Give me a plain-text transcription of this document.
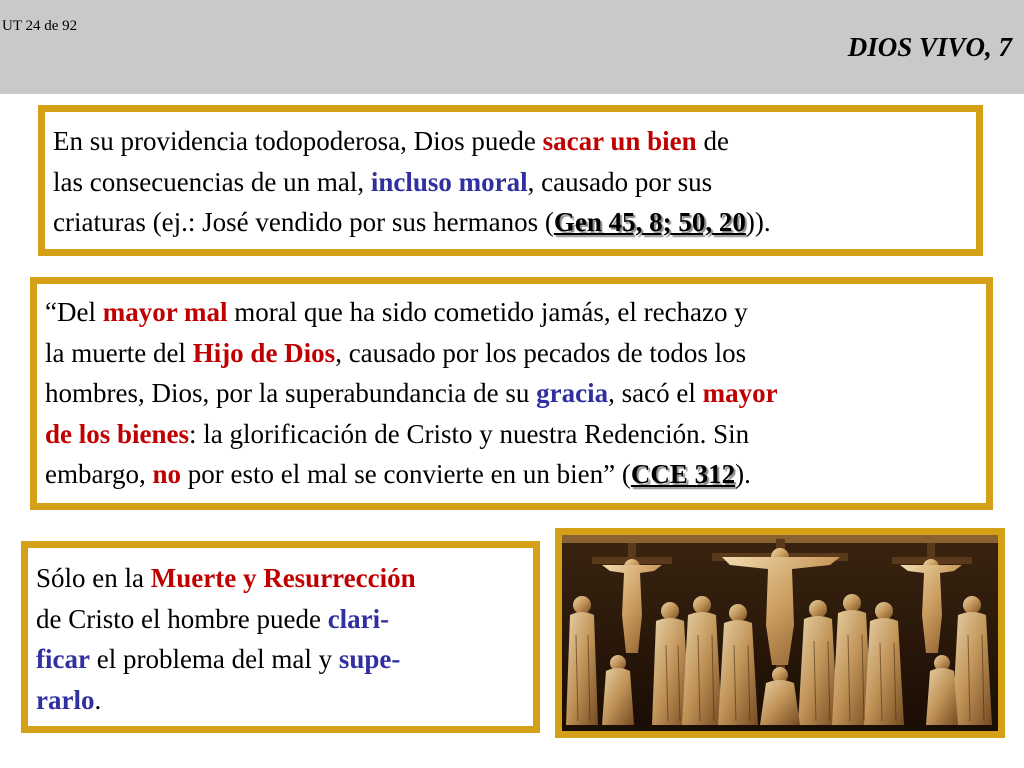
UT 24 de 92
DIOS VIVO, 7
En su providencia todopoderosa, Dios puede sacar un bien de
las consecuencias de un mal, incluso moral, causado por sus
criaturas (ej.: José vendido por sus hermanos (Gen 45, 8; 50, 20)).
“Del mayor mal moral que ha sido cometido jamás, el rechazo y
la muerte del Hijo de Dios, causado por los pecados de todos los
hombres, Dios, por la superabundancia de su gracia, sacó el mayor
de los bienes: la glorificación de Cristo y nuestra Redención. Sin
embargo, no por esto el mal se convierte en un bien” (CCE 312).
Sólo en la Muerte y Resurrección
de Cristo el hombre puede clari-
ficar el problema del mal y supe-
rarlo.
